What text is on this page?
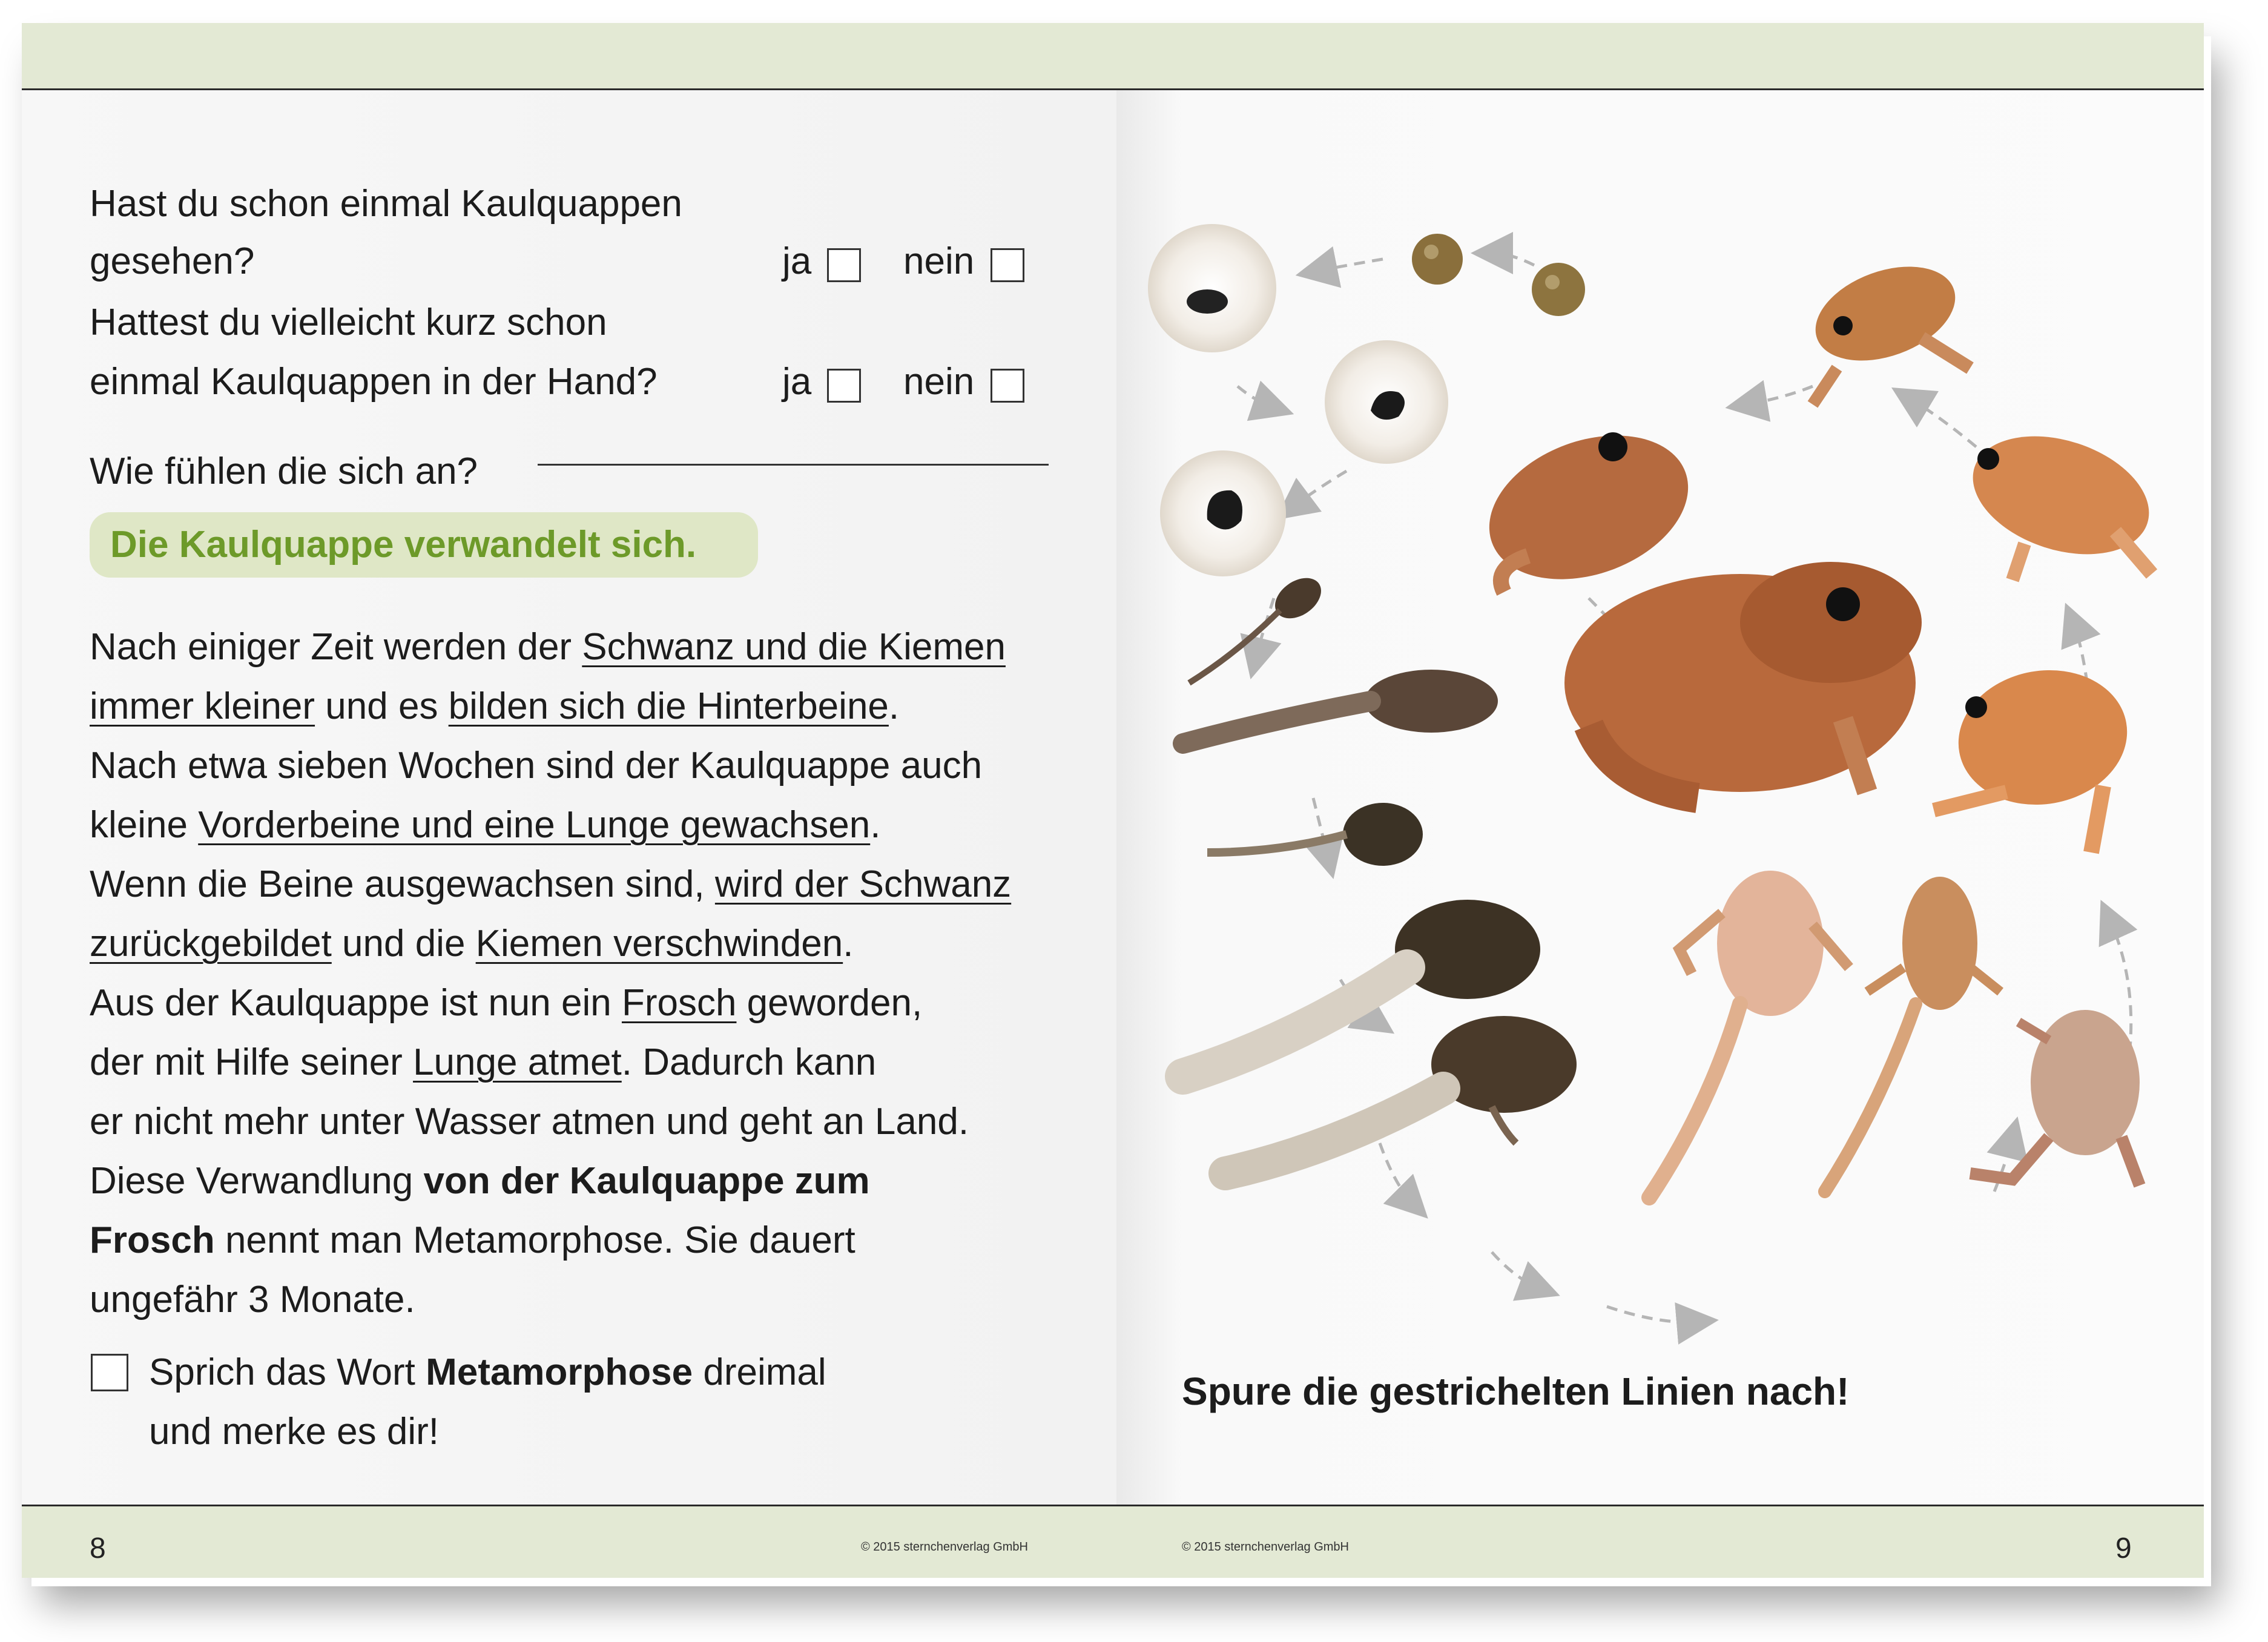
Hast du schon einmal Kaulquappen
gesehen?	ja nein
Hattest du vielleicht kurz schon
einmal Kaulquappen in der Hand?	ja nein
Wie fühlen die sich an?
Die Kaulquappe verwandelt sich.
Nach einiger Zeit werden der Schwanz und die Kiemen
immer kleiner und es bilden sich die Hinterbeine.
Nach etwa sieben Wochen sind der Kaulquappe auch
kleine Vorderbeine und eine Lunge gewachsen.
Wenn die Beine ausgewachsen sind, wird der Schwanz
zurückgebildet und die Kiemen verschwinden.
Aus der Kaulquappe ist nun ein Frosch geworden,
der mit Hilfe seiner Lunge atmet. Dadurch kann
er nicht mehr unter Wasser atmen und geht an Land.
Diese Verwandlung von der Kaulquappe zum
Frosch nennt man Metamorphose. Sie dauert
ungefähr 3 Monate.
Sprich das Wort Metamorphose dreimal
und merke es dir!
8	© 2015 sternchenverlag GmbH
Spure die gestrichelten Linien nach!
© 2015 sternchenverlag GmbH	9
